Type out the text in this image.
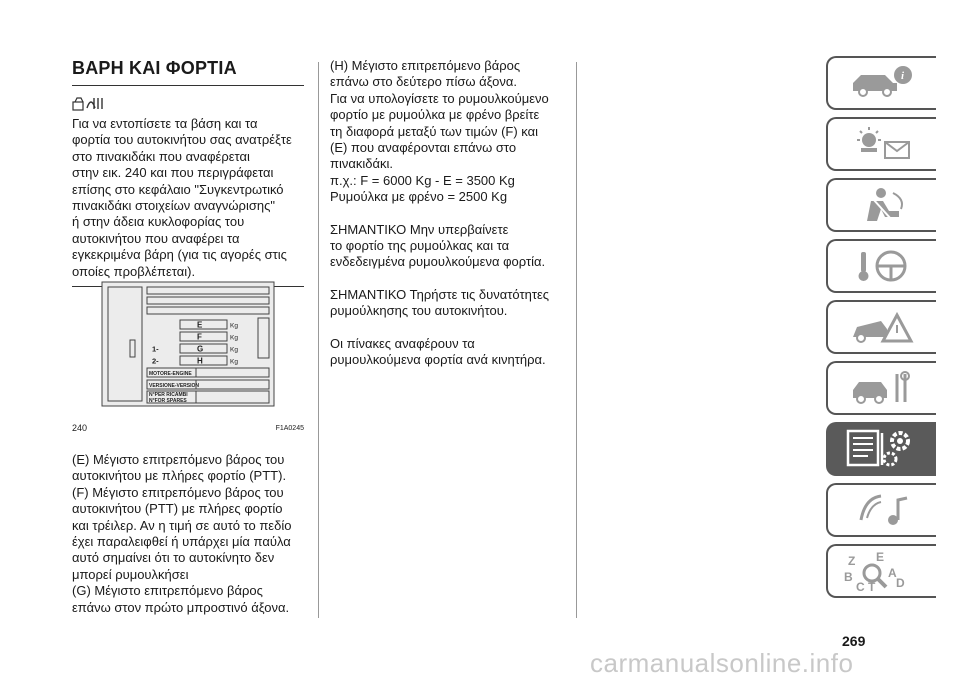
ΒΑΡΗ ΚΑΙ ΦΟΡΤΙΑ

Για να εντοπίσετε τα βάση και τα

φορτία του αυτοκινήτου σας ανατρέξτε

στο πινακιδάκι που αναφέρεται

στην εικ. 240 και που περιγράφεται

επίσης στο κεφάλαιο "Συγκεντρωτικό

πινακιδάκι στοιχείων αναγνώρισης"

ή στην άδεια κυκλοφορίας του

αυτοκινήτου που αναφέρει τα

εγκεκριμένα βάρη (για τις αγορές στις

οποίες προβλέπεται).

E
F
G
H
Kg
Kg
Kg
Kg
1-
2-
MOTORE-ENGINE
VERSIONE-VERSION
N°PER RICAMBI
N°FOR SPARES
240	F1A0245

(E) Μέγιστο επιτρεπόμενο βάρος του

αυτοκινήτου με πλήρες φορτίο (PTT).

(F) Μέγιστο επιτρεπόμενο βάρος του

αυτοκινήτου (PTT) με πλήρες φορτίο

και τρέιλερ. Αν η τιμή σε αυτό το πεδίο

έχει παραλειφθεί ή υπάρχει μία παύλα

αυτό σημαίνει ότι το αυτοκίνητο δεν

μπορεί ρυμουλκήσει

(G) Μέγιστο επιτρεπόμενο βάρος

επάνω στον πρώτο μπροστινό άξονα.

(H) Μέγιστο επιτρεπόμενο βάρος

επάνω στο δεύτερο πίσω άξονα.

Για να υπολογίσετε το ρυμουλκούμενο

φορτίο με ρυμούλκα με φρένο βρείτε

τη διαφορά μεταξύ των τιμών (F) και

(E) που αναφέρονται επάνω στο

πινακιδάκι.

π.χ.: F = 6000 Kg - E = 3500 Kg

Ρυμούλκα με φρένο = 2500 Kg

ΣΗΜΑΝΤΙΚΟ Μην υπερβαίνετε

το φορτίο της ρυμούλκας και τα

ενδεδειγμένα ρυμουλκούμενα φορτία.

ΣΗΜΑΝΤΙΚΟ Τηρήστε τις δυνατότητες

ρυμούλκησης του αυτοκινήτου.

Οι πίνακες αναφέρουν τα

ρυμουλκούμενα φορτία ανά κινητήρα.

i
Z E
B	A
C T D
269
carmanualsonline.info
